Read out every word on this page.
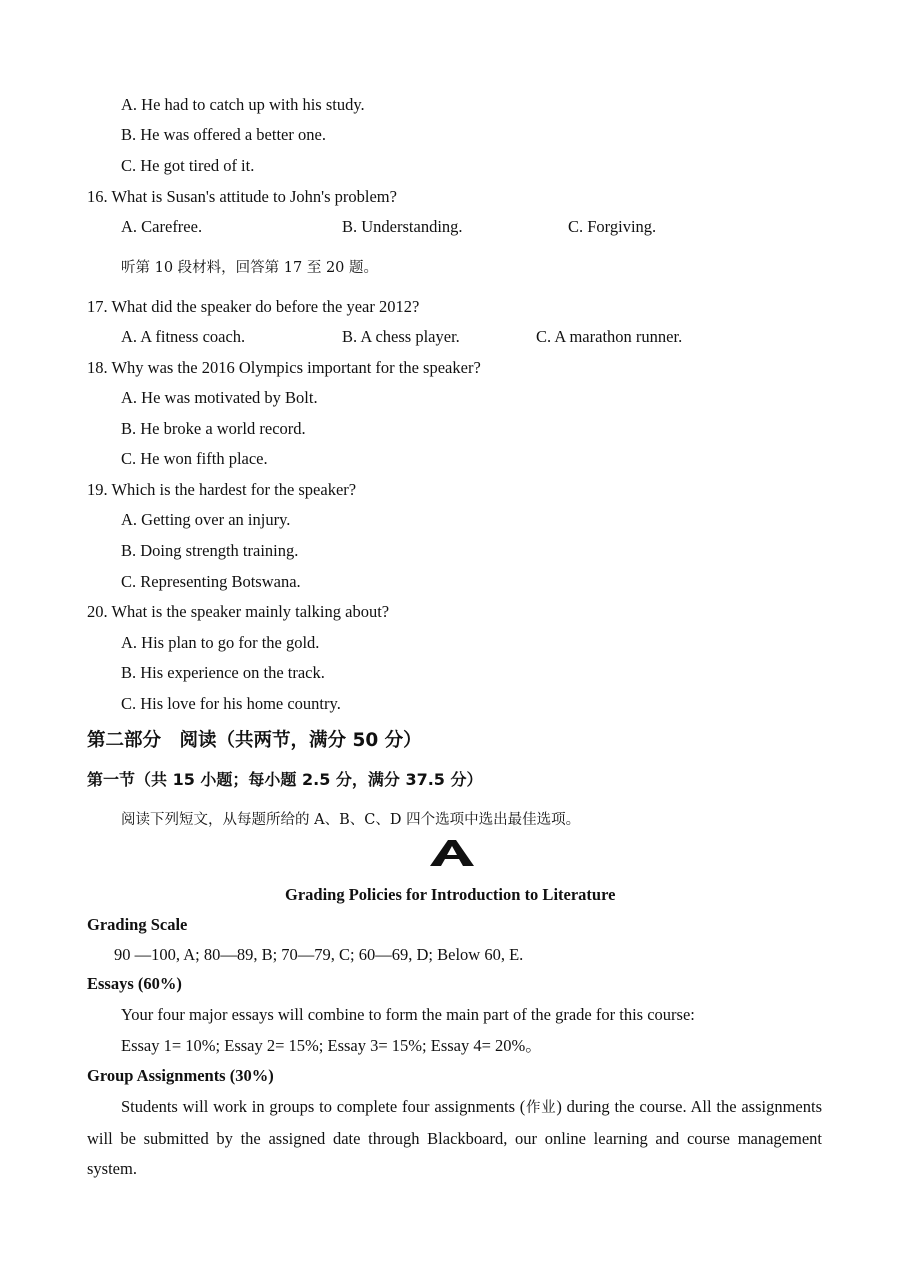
A. He had to catch up with his study.
B. He was offered a better one.
C. He got tired of it.
16. What is Susan's attitude to John's problem?
A. Carefree.	B. Understanding.	C. Forgiving.
听第 10 段材料，回答第 17 至 20 题。
17. What did the speaker do before the year 2012?
A. A fitness coach.	B. A chess player.	C. A marathon runner.
18. Why was the 2016 Olympics important for the speaker?
A. He was motivated by Bolt.
B. He broke a world record.
C. He won fifth place.
19. Which is the hardest for the speaker?
A. Getting over an injury.
B. Doing strength training.
C. Representing Botswana.
20. What is the speaker mainly talking about?
A. His plan to go for the gold.
B. His experience on the track.
C. His love for his home country.
第二部分　阅读（共两节，满分 50 分）
第一节（共 15 小题；每小题 2.5 分，满分 37.5 分）
阅读下列短文，从每题所给的 A、B、C、D 四个选项中选出最佳选项。
A
Grading Policies for Introduction to Literature
Grading Scale
90 —100, A; 80—89, B; 70—79, C; 60—69, D; Below 60, E.
Essays (60%)
Your four major essays will combine to form the main part of the grade for this course:
Essay 1= 10%; Essay 2= 15%; Essay 3= 15%; Essay 4= 20%。
Group Assignments (30%)
Students will work in groups to complete four assignments (作业) during the course. All the assignments will be submitted by the assigned date through Blackboard, our online learning and course management system.
